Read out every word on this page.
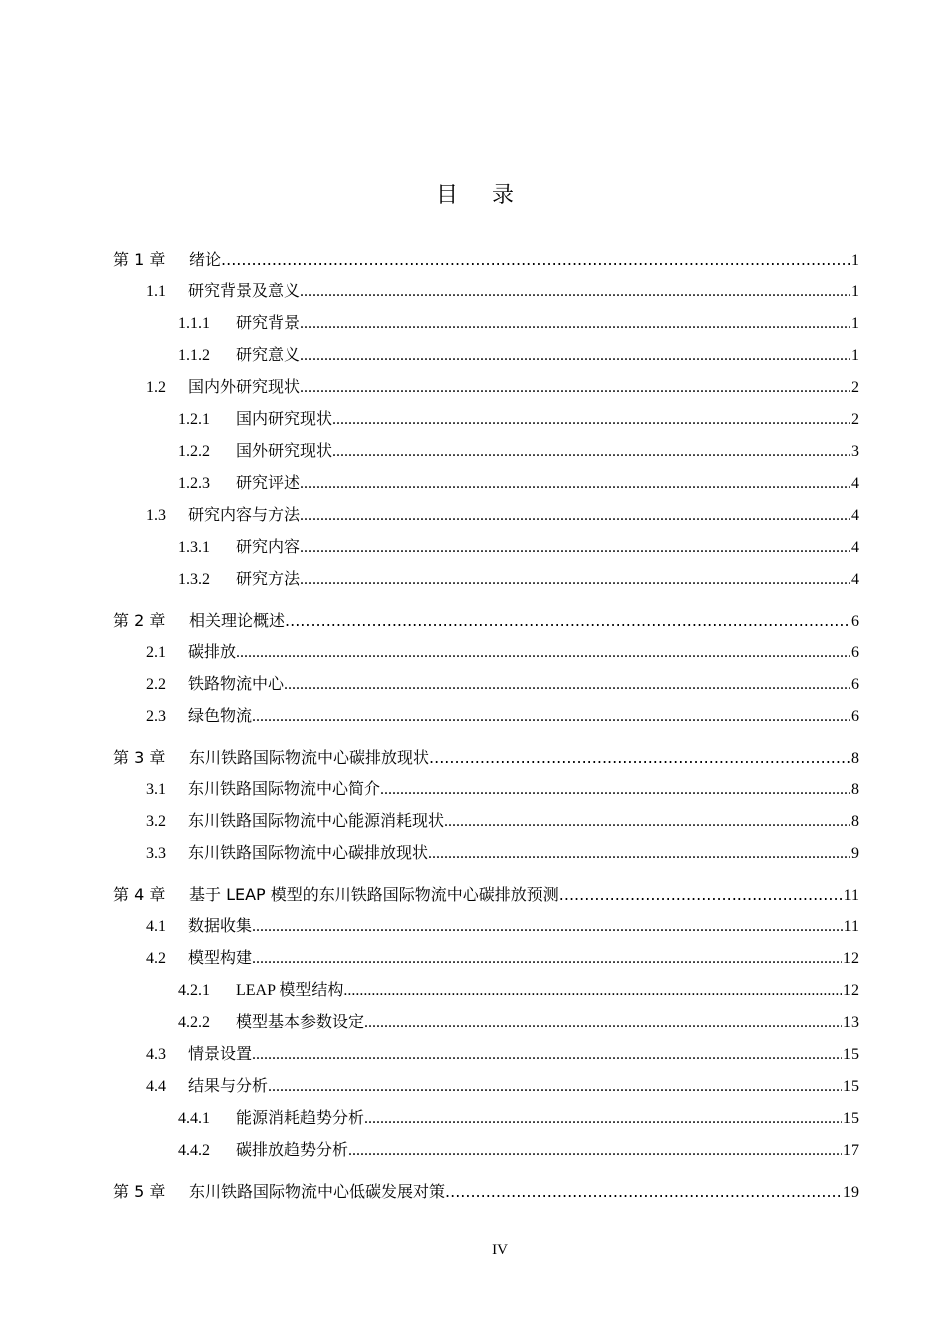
目录
第 1 章	绪论 .....	1
1.1	研究背景及意义 .....	1
1.1.1	研究背景 .....	1
1.1.2	研究意义 .....	1
1.2	国内外研究现状 .....	2
1.2.1	国内研究现状 .....	2
1.2.2	国外研究现状 .....	3
1.2.3	研究评述 .....	4
1.3	研究内容与方法 .....	4
1.3.1	研究内容 .....	4
1.3.2	研究方法 .....	4
第 2 章	相关理论概述 .....	6
2.1	碳排放 .....	6
2.2	铁路物流中心 .....	6
2.3	绿色物流 .....	6
第 3 章	东川铁路国际物流中心碳排放现状 .....	8
3.1	东川铁路国际物流中心简介 .....	8
3.2	东川铁路国际物流中心能源消耗现状 .....	8
3.3	东川铁路国际物流中心碳排放现状 .....	9
第 4 章	基于 LEAP 模型的东川铁路国际物流中心碳排放预测 .....	11
4.1	数据收集 .....	11
4.2	模型构建 .....	12
4.2.1	LEAP 模型结构 .....	12
4.2.2	模型基本参数设定 .....	13
4.3	情景设置 .....	15
4.4	结果与分析 .....	15
4.4.1	能源消耗趋势分析 .....	15
4.4.2	碳排放趋势分析 .....	17
第 5 章	东川铁路国际物流中心低碳发展对策 .....	19
IV
